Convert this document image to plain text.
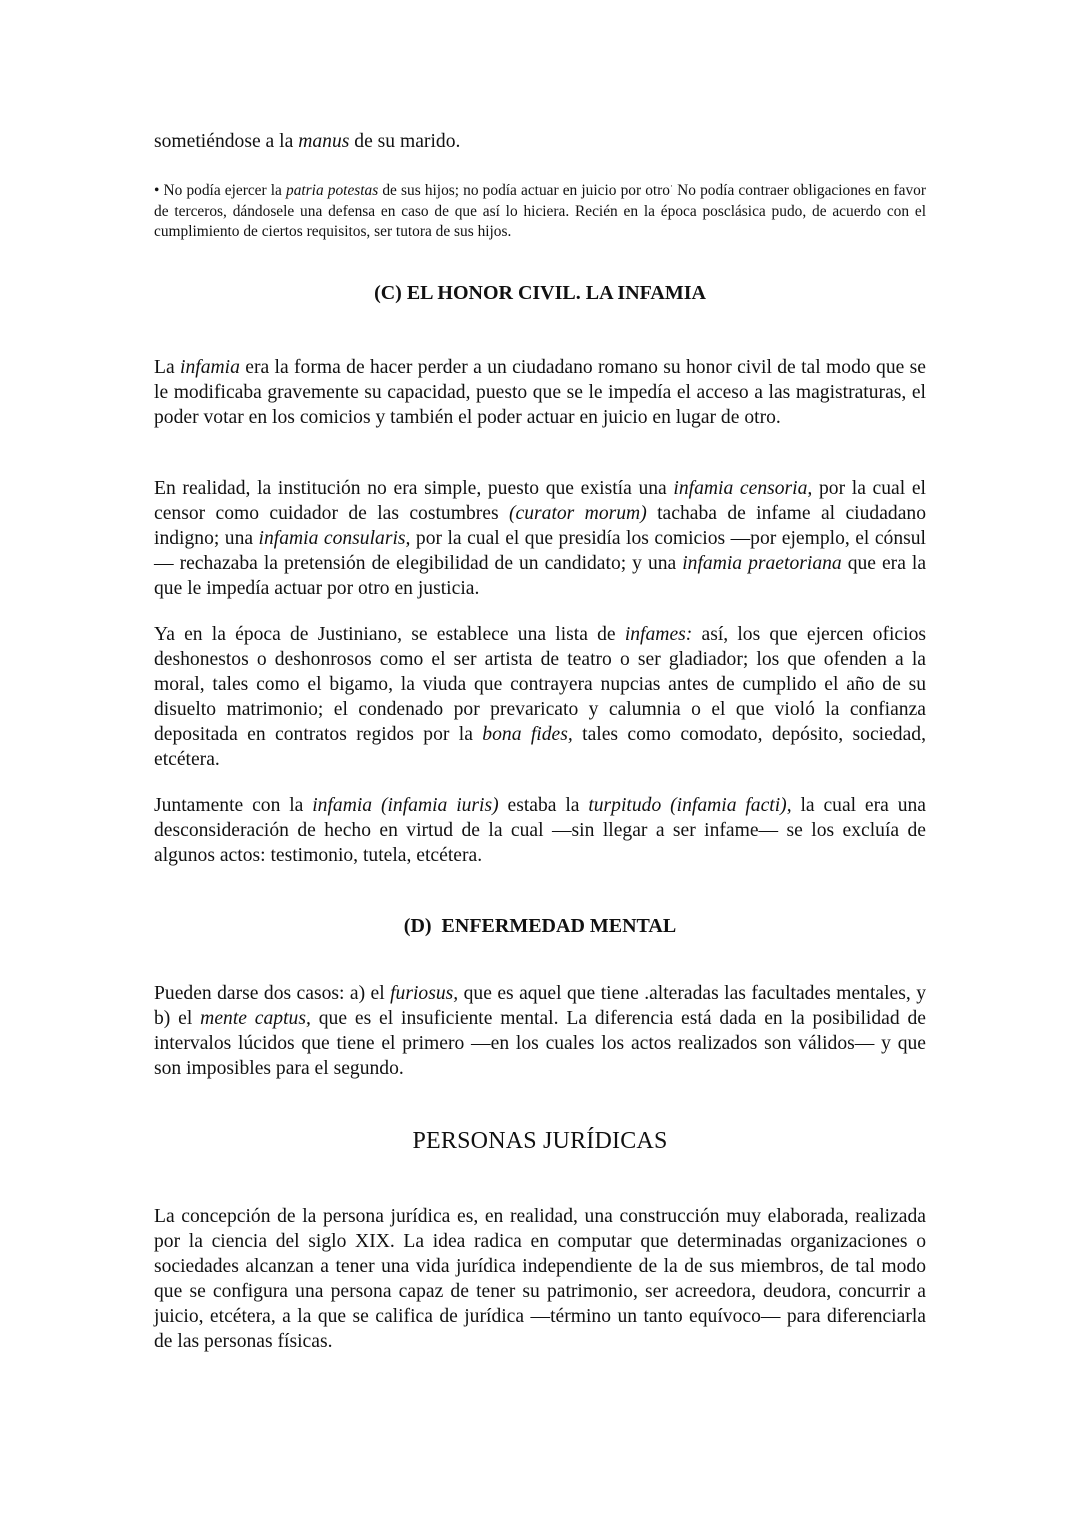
sometiéndose a la manus de su marido.

• No podía ejercer la patria potestas de sus hijos; no podía actuar en juicio por otro· No podía contraer obligaciones en favor de terceros, dándosele una defensa en caso de que así lo hiciera. Recién en la época posclásica pudo, de acuerdo con el cumplimiento de ciertos requisitos, ser tutora de sus hijos.

(C) EL HONOR CIVIL. LA INFAMIA

La infamia era la forma de hacer perder a un ciudadano romano su honor civil de tal modo que se le modificaba gravemente su capacidad, puesto que se le impedía el acceso a las magistraturas, el poder votar en los comicios y también el poder actuar en juicio en lugar de otro.

En realidad, la institución no era simple, puesto que existía una infamia censoria, por la cual el censor como cuidador de las costumbres (curator morum) tachaba de infame al ciudadano indigno; una infamia consularis, por la cual el que presidía los comicios —por ejemplo, el cónsul— rechazaba la pretensión de elegibilidad de un candidato; y una infamia praetoriana que era la que le impedía actuar por otro en justicia.

Ya en la época de Justiniano, se establece una lista de infames: así, los que ejercen oficios deshonestos o deshonrosos como el ser artista de teatro o ser gladiador; los que ofenden a la moral, tales como el bigamo, la viuda que contrayera nupcias antes de cumplido el año de su disuelto matrimonio; el condenado por prevaricato y calumnia o el que violó la confianza depositada en contratos regidos por la bona fides, tales como comodato, depósito, sociedad, etcétera.

Juntamente con la infamia (infamia iuris) estaba la turpitudo (infamia facti), la cual era una desconsideración de hecho en virtud de la cual —sin llegar a ser infame— se los excluía de algunos actos: testimonio, tutela, etcétera.

(D)  ENFERMEDAD MENTAL

Pueden darse dos casos: a) el furiosus, que es aquel que tiene .alteradas las facultades mentales, y b) el mente captus, que es el insuficiente mental. La diferencia está dada en la posibilidad de intervalos lúcidos que tiene el primero —en los cuales los actos realizados son válidos— y que son imposibles para el segundo.

PERSONAS JURÍDICAS

La concepción de la persona jurídica es, en realidad, una construcción muy elaborada, realizada por la ciencia del siglo XIX. La idea radica en computar que determinadas organizaciones o sociedades alcanzan a tener una vida jurídica independiente de la de sus miembros, de tal modo que se configura una persona capaz de tener su patrimonio, ser acreedora, deudora, concurrir a juicio, etcétera, a la que se califica de jurídica —término un tanto equívoco— para diferenciarla de las personas físicas.
